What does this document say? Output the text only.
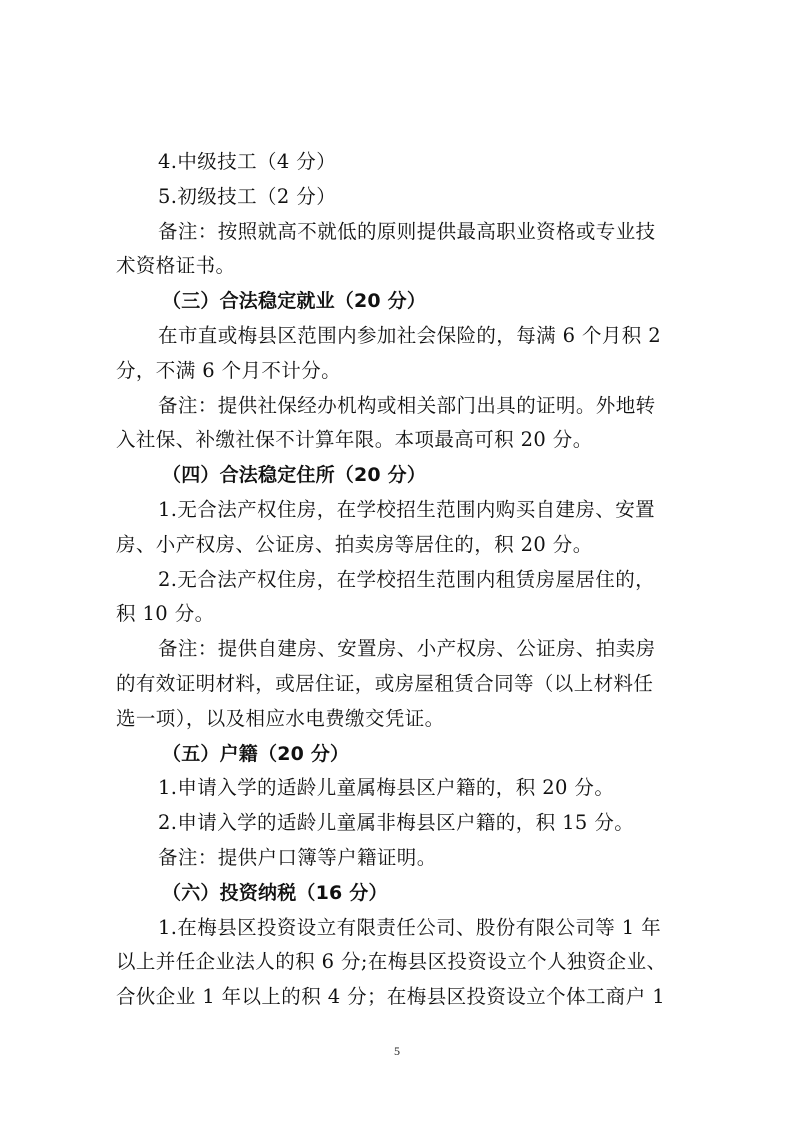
4.中级技工（4 分）
5.初级技工（2 分）
备注：按照就高不就低的原则提供最高职业资格或专业技
术资格证书。
（三）合法稳定就业（20 分）
在市直或梅县区范围内参加社会保险的，每满 6 个月积 2
分，不满 6 个月不计分。
备注：提供社保经办机构或相关部门出具的证明。外地转
入社保、补缴社保不计算年限。本项最高可积 20 分。
（四）合法稳定住所（20 分）
1.无合法产权住房，在学校招生范围内购买自建房、安置
房、小产权房、公证房、拍卖房等居住的，积 20 分。
2.无合法产权住房，在学校招生范围内租赁房屋居住的，
积 10 分。
备注：提供自建房、安置房、小产权房、公证房、拍卖房
的有效证明材料，或居住证，或房屋租赁合同等（以上材料任
选一项），以及相应水电费缴交凭证。
（五）户籍（20 分）
1.申请入学的适龄儿童属梅县区户籍的，积 20 分。
2.申请入学的适龄儿童属非梅县区户籍的，积 15 分。
备注：提供户口簿等户籍证明。
（六）投资纳税（16 分）
1.在梅县区投资设立有限责任公司、股份有限公司等 1 年
以上并任企业法人的积 6 分;在梅县区投资设立个人独资企业、
合伙企业 1 年以上的积 4 分；在梅县区投资设立个体工商户 1
5
